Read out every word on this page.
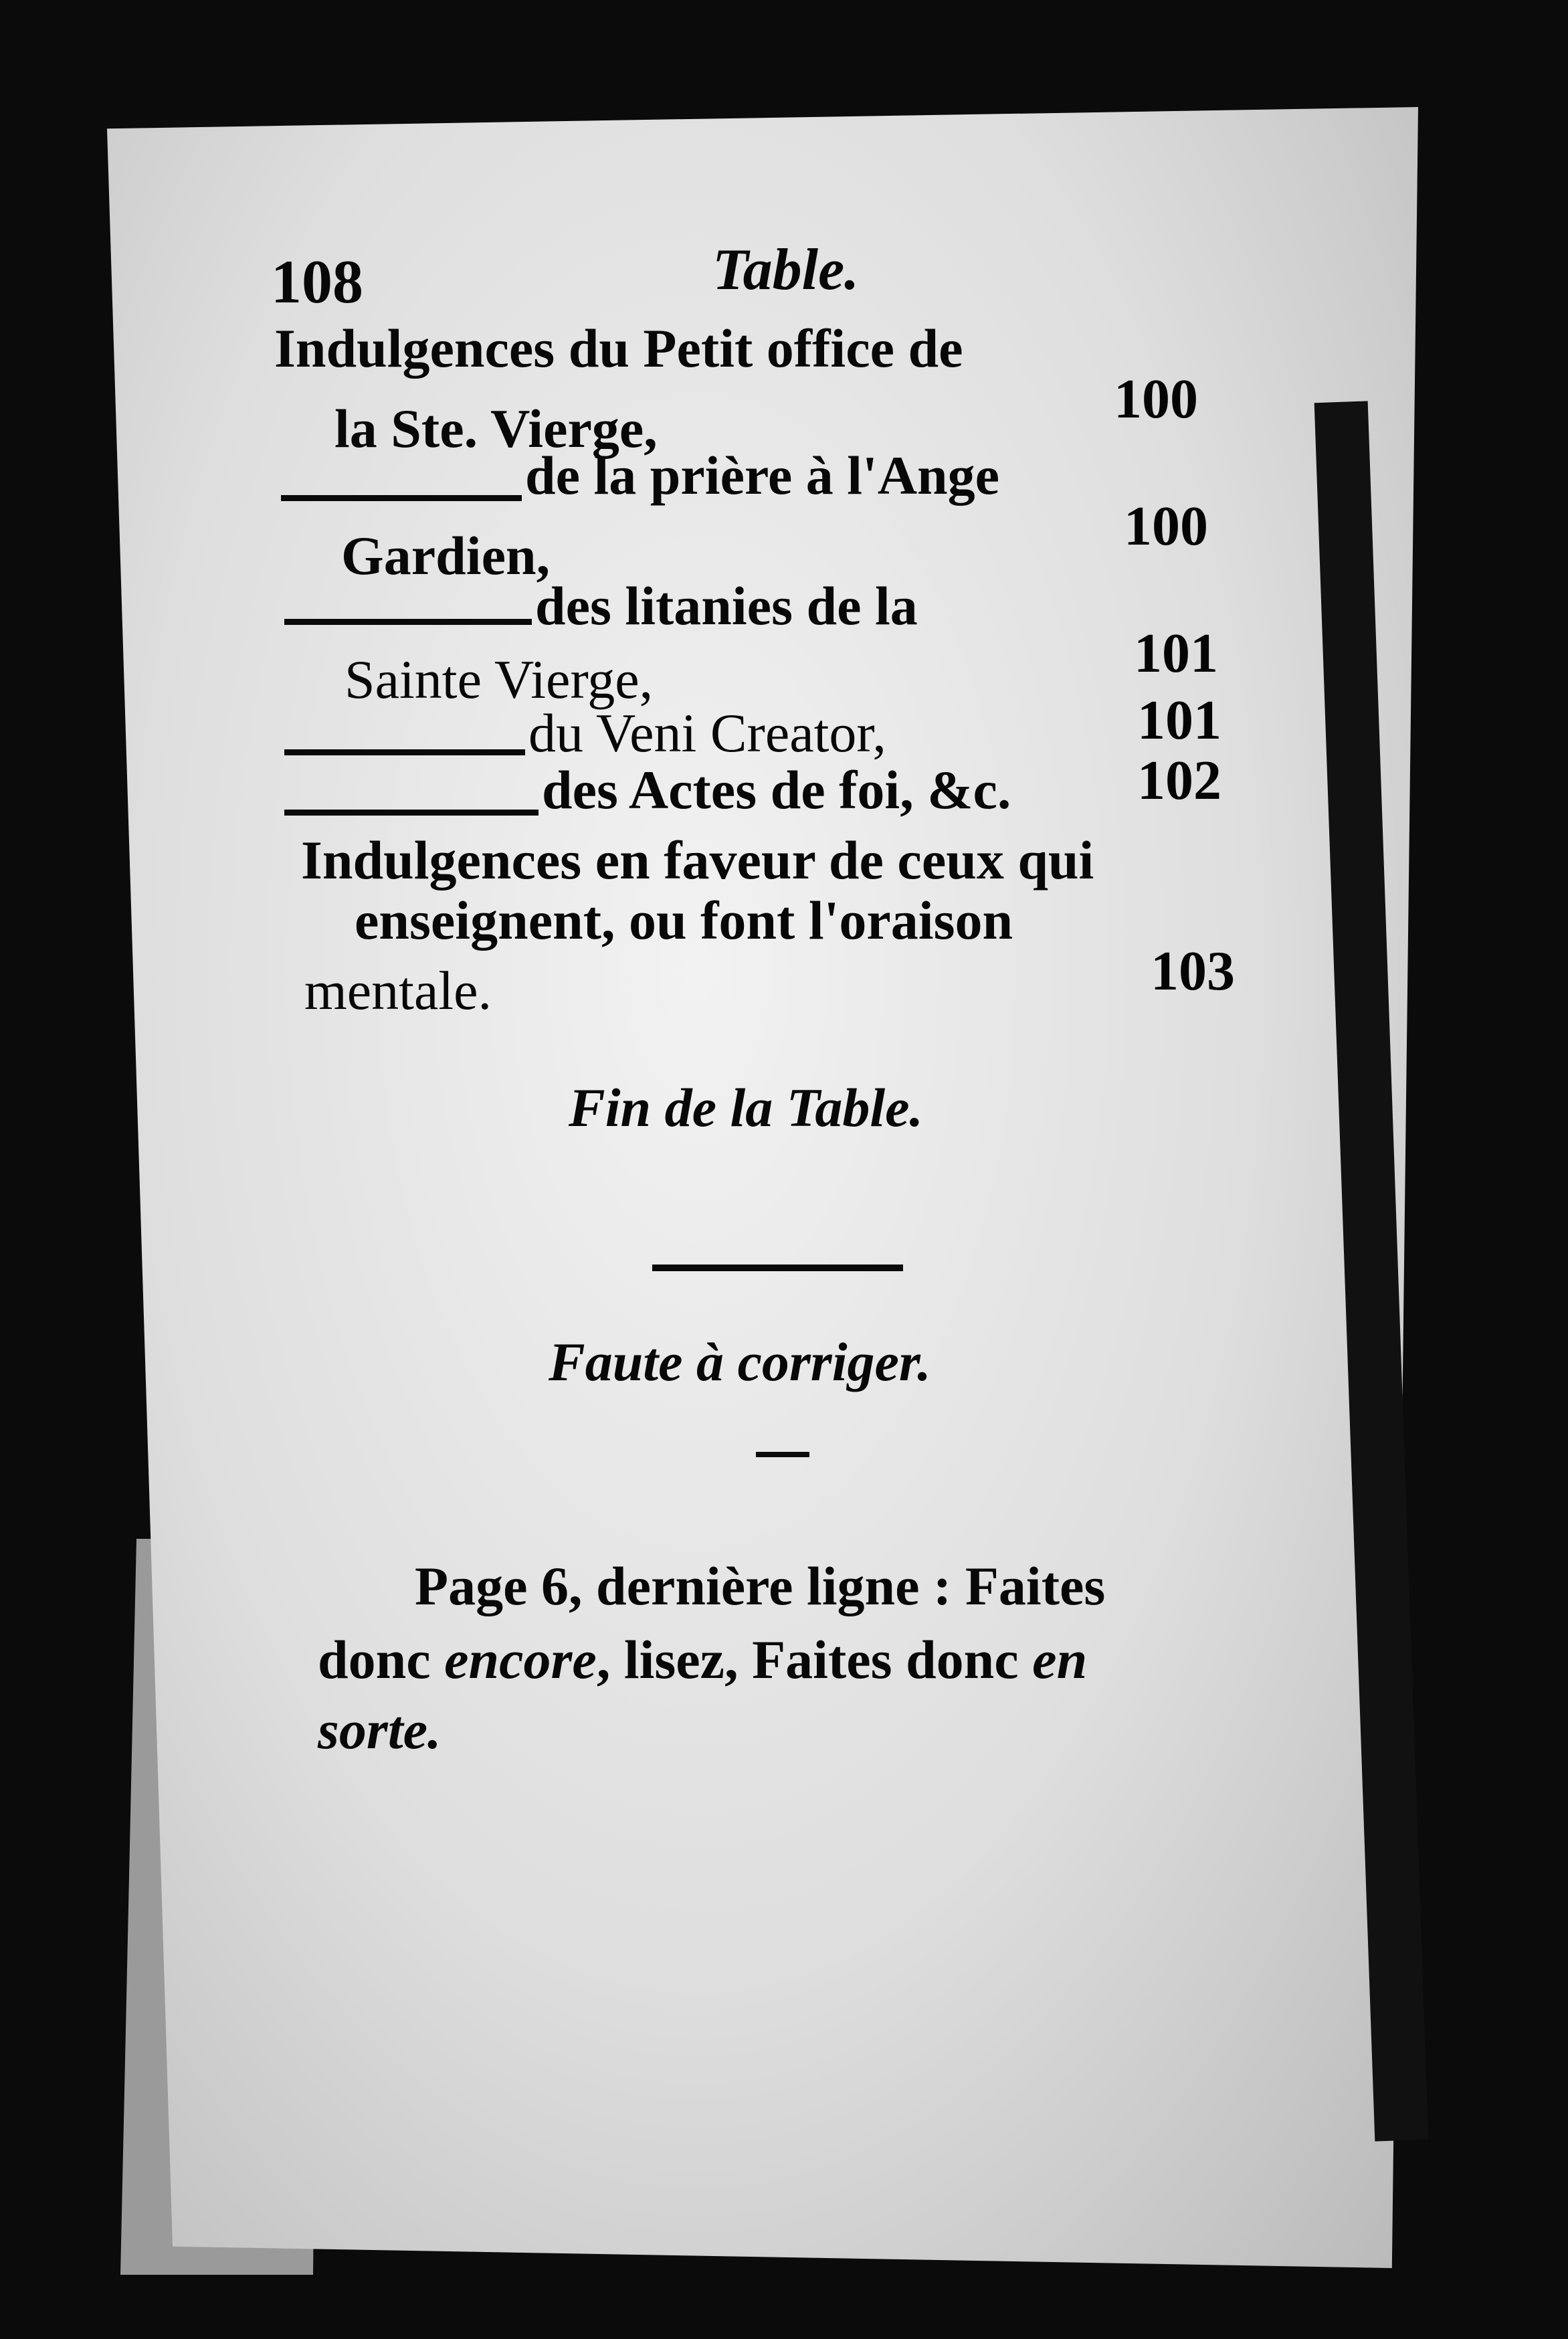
108	Table.
Indulgences du Petit office de
la Ste. Vierge,	100
de la prière à l'Ange
Gardien,	100
des litanies de la
Sainte Vierge,	101
du Veni Creator,	101
des Actes de foi, &c. 102
Indulgences en faveur de ceux qui
enseignent, ou font l'oraison
mentale.	103
Fin de la Table.
Faute à corriger.
Page 6, dernière ligne : Faites
donc encore, lisez, Faites donc en
sorte.
